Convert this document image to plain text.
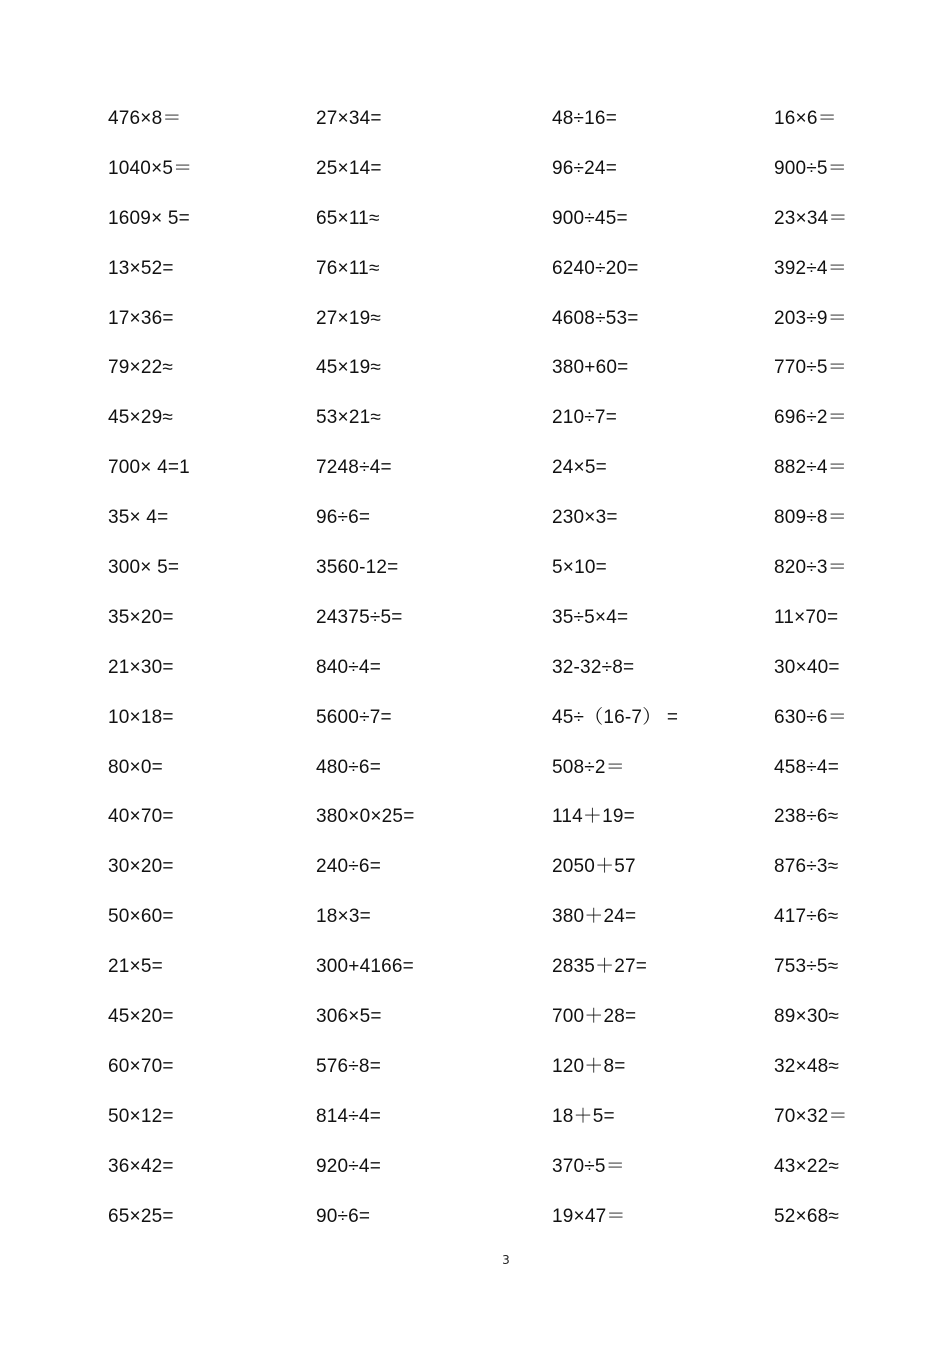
476×8＝	27×34=	48÷16=	16×6＝
1040×5＝	25×14=	96÷24=	900÷5＝
1609× 5=	65×11≈	900÷45=	23×34＝
13×52=	76×11≈	6240÷20=	392÷4＝
17×36=	27×19≈	4608÷53=	203÷9＝
79×22≈	45×19≈	380+60=	770÷5＝
45×29≈	53×21≈	210÷7=	696÷2＝
700× 4=1	7248÷4=	24×5=	882÷4＝
35× 4=	96÷6=	230×3=	809÷8＝
300× 5=	3560-12=	5×10=	820÷3＝
35×20=	24375÷5=	35÷5×4=	11×70=
21×30=	840÷4=	32-32÷8=	30×40=
10×18=	5600÷7=	45÷（16-7） =	630÷6＝
80×0=	480÷6=	508÷2＝	458÷4=
40×70=	380×0×25=	114＋19=	238÷6≈
30×20=	240÷6=	2050＋57	876÷3≈
50×60=	18×3=	380＋24=	417÷6≈
21×5=	300+4166=	2835＋27=	753÷5≈
45×20=	306×5=	700＋28=	89×30≈
60×70=	576÷8=	120＋8=	32×48≈
50×12=	814÷4=	18＋5=	70×32＝
36×42=	920÷4=	370÷5＝	43×22≈
65×25=	90÷6=	19×47＝	52×68≈
3
